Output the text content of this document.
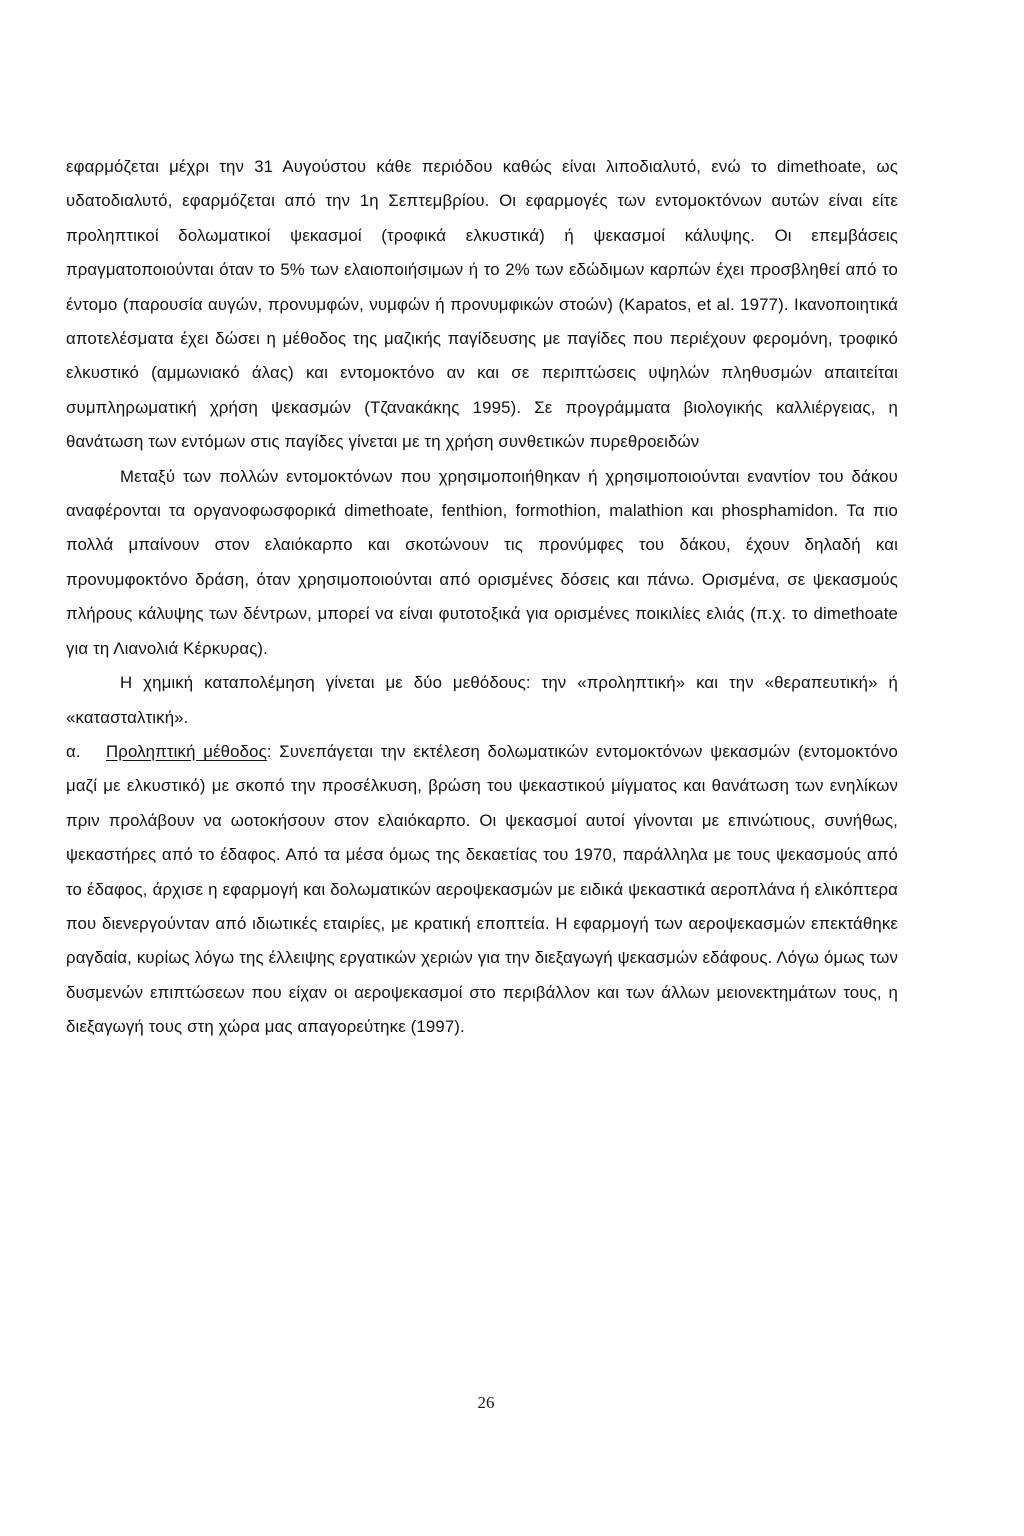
εφαρμόζεται μέχρι την 31 Αυγούστου κάθε περιόδου καθώς είναι λιποδιαλυτό, ενώ το dimethoate, ως υδατοδιαλυτό, εφαρμόζεται από την 1η Σεπτεμβρίου. Οι εφαρμογές των εντομοκτόνων αυτών είναι είτε προληπτικοί δολωματικοί ψεκασμοί (τροφικά ελκυστικά) ή ψεκασμοί κάλυψης. Οι επεμβάσεις πραγματοποιούνται όταν το 5% των ελαιοποιήσιμων ή το 2% των εδώδιμων καρπών έχει προσβληθεί από το έντομο (παρουσία αυγών, προνυμφών, νυμφών ή προνυμφικών στοών) (Kapatos, et al. 1977). Ικανοποιητικά αποτελέσματα έχει δώσει η μέθοδος της μαζικής παγίδευσης με παγίδες που περιέχουν φερομόνη, τροφικό ελκυστικό (αμμωνιακό άλας) και εντομοκτόνο αν και σε περιπτώσεις υψηλών πληθυσμών απαιτείται συμπληρωματική χρήση ψεκασμών (Τζανακάκης 1995). Σε προγράμματα βιολογικής καλλιέργειας, η θανάτωση των εντόμων στις παγίδες γίνεται με τη χρήση συνθετικών πυρεθροειδών

Μεταξύ των πολλών εντομοκτόνων που χρησιμοποιήθηκαν ή χρησιμοποιούνται εναντίον του δάκου αναφέρονται τα οργανοφωσφορικά dimethoate, fenthion, formothion, malathion και phosphamidon. Τα πιο πολλά μπαίνουν στον ελαιόκαρπο και σκοτώνουν τις προνύμφες του δάκου, έχουν δηλαδή και προνυμφοκτόνο δράση, όταν χρησιμοποιούνται από ορισμένες δόσεις και πάνω. Ορισμένα, σε ψεκασμούς πλήρους κάλυψης των δέντρων, μπορεί να είναι φυτοτοξικά για ορισμένες ποικιλίες ελιάς (π.χ. το dimethoate για τη Λιανολιά Κέρκυρας).

Η χημική καταπολέμηση γίνεται με δύο μεθόδους: την «προληπτική» και την «θεραπευτική» ή «κατασταλτική».

α. Προληπτική μέθοδος: Συνεπάγεται την εκτέλεση δολωματικών εντομοκτόνων ψεκασμών (εντομοκτόνο μαζί με ελκυστικό) με σκοπό την προσέλκυση, βρώση του ψεκαστικού μίγματος και θανάτωση των ενηλίκων πριν προλάβουν να ωοτοκήσουν στον ελαιόκαρπο. Οι ψεκασμοί αυτοί γίνονται με επινώτιους, συνήθως, ψεκαστήρες από το έδαφος. Από τα μέσα όμως της δεκαετίας του 1970, παράλληλα με τους ψεκασμούς από το έδαφος, άρχισε η εφαρμογή και δολωματικών αεροψεκασμών με ειδικά ψεκαστικά αεροπλάνα ή ελικόπτερα που διενεργούνταν από ιδιωτικές εταιρίες, με κρατική εποπτεία. Η εφαρμογή των αεροψεκασμών επεκτάθηκε ραγδαία, κυρίως λόγω της έλλειψης εργατικών χεριών για την διεξαγωγή ψεκασμών εδάφους. Λόγω όμως των δυσμενών επιπτώσεων που είχαν οι αεροψεκασμοί στο περιβάλλον και των άλλων μειονεκτημάτων τους, η διεξαγωγή τους στη χώρα μας απαγορεύτηκε (1997).

26
